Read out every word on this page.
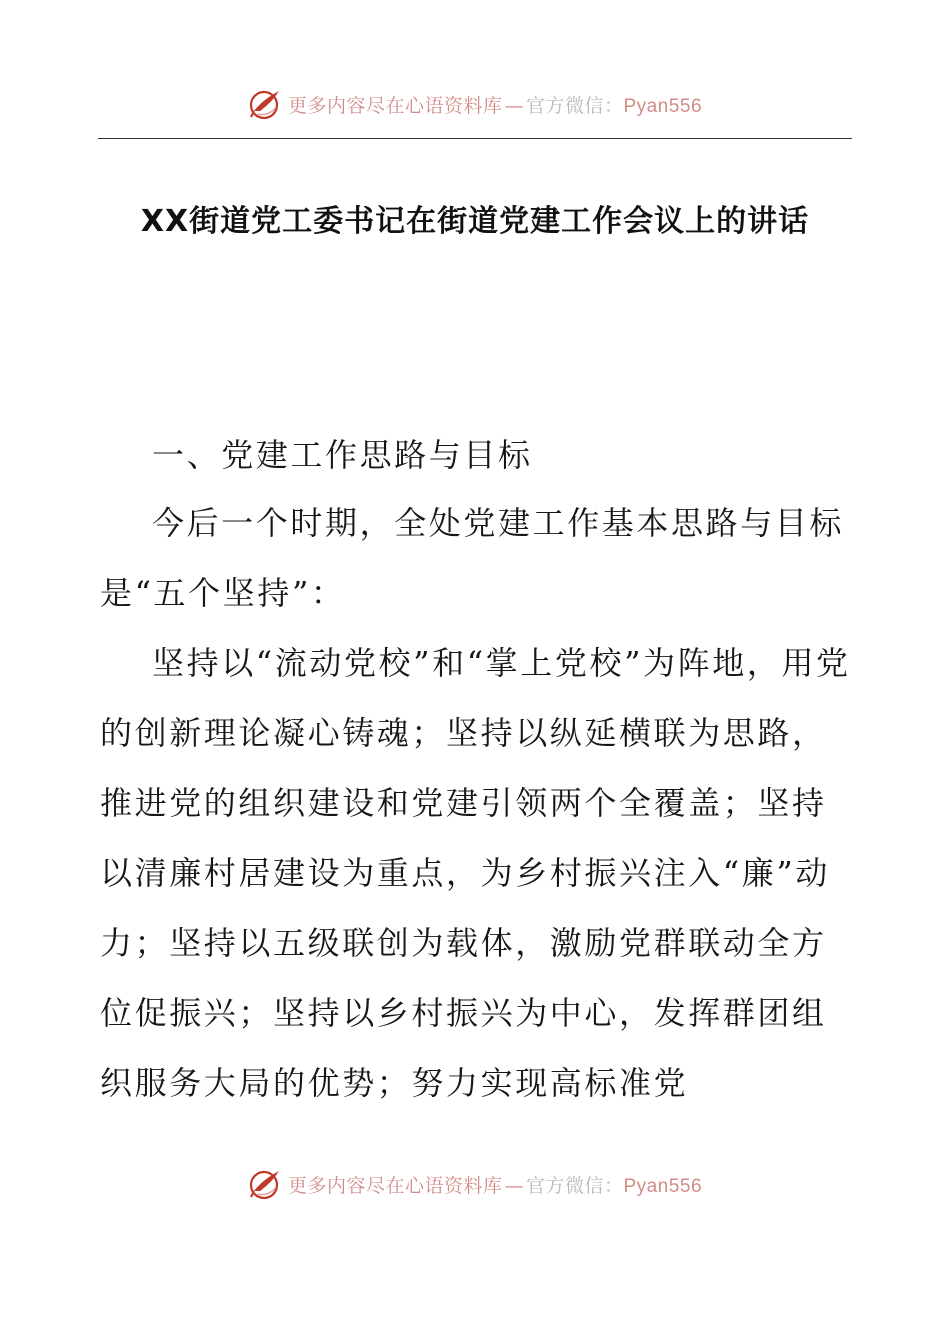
更多内容尽在心语资料库 — 官方微信：Pyan556
XX街道党工委书记在街道党建工作会议上的讲话

一、党建工作思路与目标

今后一个时期，全处党建工作基本思路与目标是“五个坚持”：

坚持以“流动党校”和“掌上党校”为阵地，用党的创新理论凝心铸魂；坚持以纵延横联为思路，推进党的组织建设和党建引领两个全覆盖；坚持以清廉村居建设为重点，为乡村振兴注入“廉”动力；坚持以五级联创为载体，激励党群联动全方位促振兴；坚持以乡村振兴为中心，发挥群团组织服务大局的优势；努力实现高标准党

更多内容尽在心语资料库 — 官方微信：Pyan556
